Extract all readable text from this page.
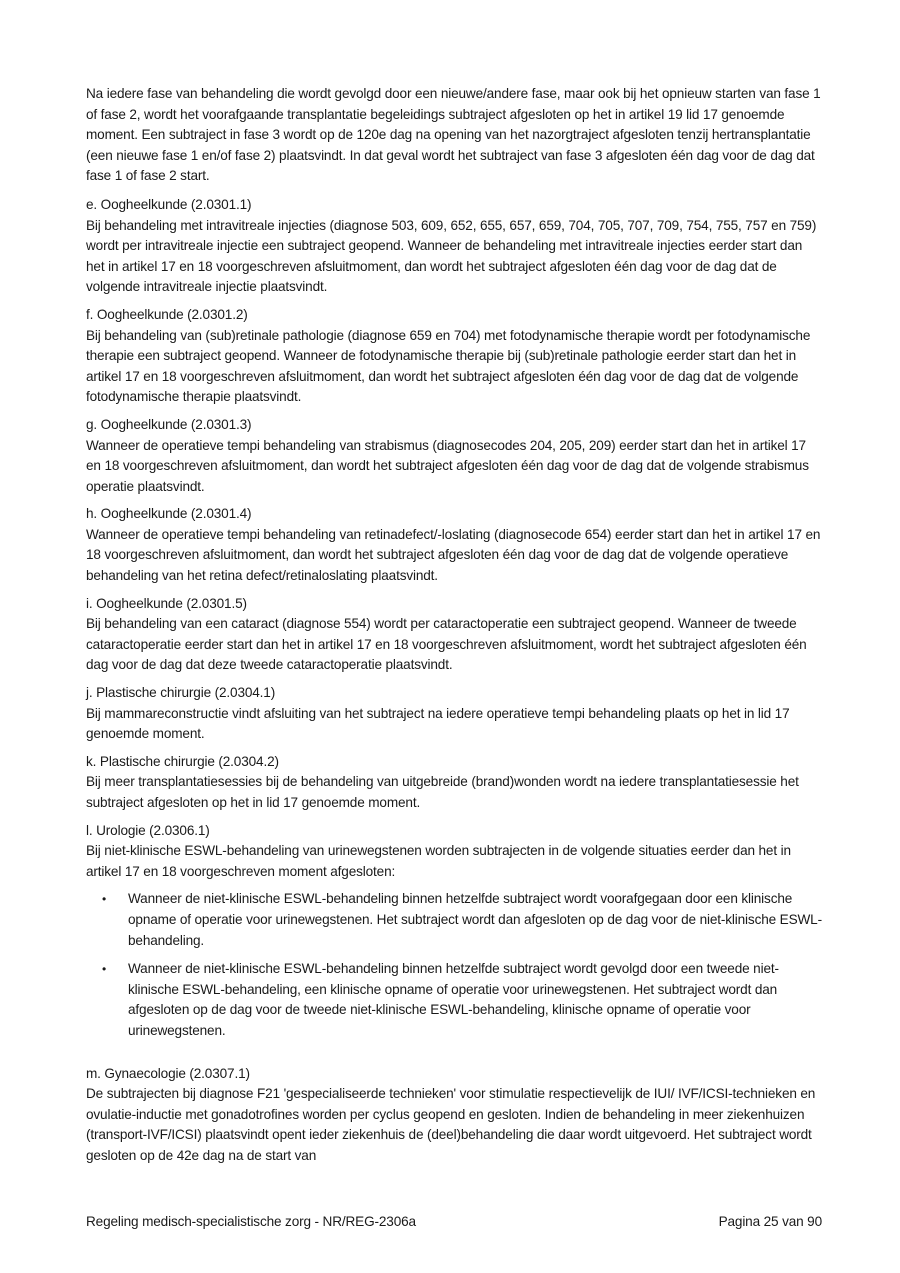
Na iedere fase van behandeling die wordt gevolgd door een nieuwe/andere fase, maar ook bij het opnieuw starten van fase 1 of fase 2, wordt het voorafgaande transplantatie begeleidings subtraject afgesloten op het in artikel 19 lid 17 genoemde moment. Een subtraject in fase 3 wordt op de 120e dag na opening van het nazorgtraject afgesloten tenzij hertransplantatie (een nieuwe fase 1 en/of fase 2) plaatsvindt. In dat geval wordt het subtraject van fase 3 afgesloten één dag voor de dag dat fase 1 of fase 2 start.

e. Oogheelkunde (2.0301.1)

Bij behandeling met intravitreale injecties (diagnose 503, 609, 652, 655, 657, 659, 704, 705, 707, 709, 754, 755, 757 en 759) wordt per intravitreale injectie een subtraject geopend. Wanneer de behandeling met intravitreale injecties eerder start dan het in artikel 17 en 18 voorgeschreven afsluitmoment, dan wordt het subtraject afgesloten één dag voor de dag dat de volgende intravitreale injectie plaatsvindt.

f. Oogheelkunde (2.0301.2)

Bij behandeling van (sub)retinale pathologie (diagnose 659 en 704) met fotodynamische therapie wordt per fotodynamische therapie een subtraject geopend. Wanneer de fotodynamische therapie bij (sub)retinale pathologie eerder start dan het in artikel 17 en 18 voorgeschreven afsluitmoment, dan wordt het subtraject afgesloten één dag voor de dag dat de volgende fotodynamische therapie plaatsvindt.

g. Oogheelkunde (2.0301.3)

Wanneer de operatieve tempi behandeling van strabismus (diagnosecodes 204, 205, 209) eerder start dan het in artikel 17 en 18 voorgeschreven afsluitmoment, dan wordt het subtraject afgesloten één dag voor de dag dat de volgende strabismus operatie plaatsvindt.

h. Oogheelkunde (2.0301.4)

Wanneer de operatieve tempi behandeling van retinadefect/-loslating (diagnosecode 654) eerder start dan het in artikel 17 en 18 voorgeschreven afsluitmoment, dan wordt het subtraject afgesloten één dag voor de dag dat de volgende operatieve behandeling van het retina defect/retinaloslating plaatsvindt.

i. Oogheelkunde (2.0301.5)

Bij behandeling van een cataract (diagnose 554) wordt per cataractoperatie een subtraject geopend. Wanneer de tweede cataractoperatie eerder start dan het in artikel 17 en 18 voorgeschreven afsluitmoment, wordt het subtraject afgesloten één dag voor de dag dat deze tweede cataractoperatie plaatsvindt.

j. Plastische chirurgie (2.0304.1)

Bij mammareconstructie vindt afsluiting van het subtraject na iedere operatieve tempi behandeling plaats op het in lid 17 genoemde moment.

k. Plastische chirurgie (2.0304.2)

Bij meer transplantatiesessies bij de behandeling van uitgebreide (brand)wonden wordt na iedere transplantatiesessie het subtraject afgesloten op het in lid 17 genoemde moment.

l. Urologie (2.0306.1)

Bij niet-klinische ESWL-behandeling van urinewegstenen worden subtrajecten in de volgende situaties eerder dan het in artikel 17 en 18 voorgeschreven moment afgesloten:

• Wanneer de niet-klinische ESWL-behandeling binnen hetzelfde subtraject wordt voorafgegaan door een klinische opname of operatie voor urinewegstenen. Het subtraject wordt dan afgesloten op de dag voor de niet-klinische ESWL-behandeling.
• Wanneer de niet-klinische ESWL-behandeling binnen hetzelfde subtraject wordt gevolgd door een tweede niet-klinische ESWL-behandeling, een klinische opname of operatie voor urinewegstenen. Het subtraject wordt dan afgesloten op de dag voor de tweede niet-klinische ESWL-behandeling, klinische opname of operatie voor urinewegstenen.

m. Gynaecologie (2.0307.1)

De subtrajecten bij diagnose F21 'gespecialiseerde technieken' voor stimulatie respectievelijk de IUI/ IVF/ICSI-technieken en ovulatie-inductie met gonadotrofines worden per cyclus geopend en gesloten. Indien de behandeling in meer ziekenhuizen (transport-IVF/ICSI) plaatsvindt opent ieder ziekenhuis de (deel)behandeling die daar wordt uitgevoerd. Het subtraject wordt gesloten op de 42e dag na de start van

Regeling medisch-specialistische zorg - NR/REG-2306a	Pagina 25 van 90
